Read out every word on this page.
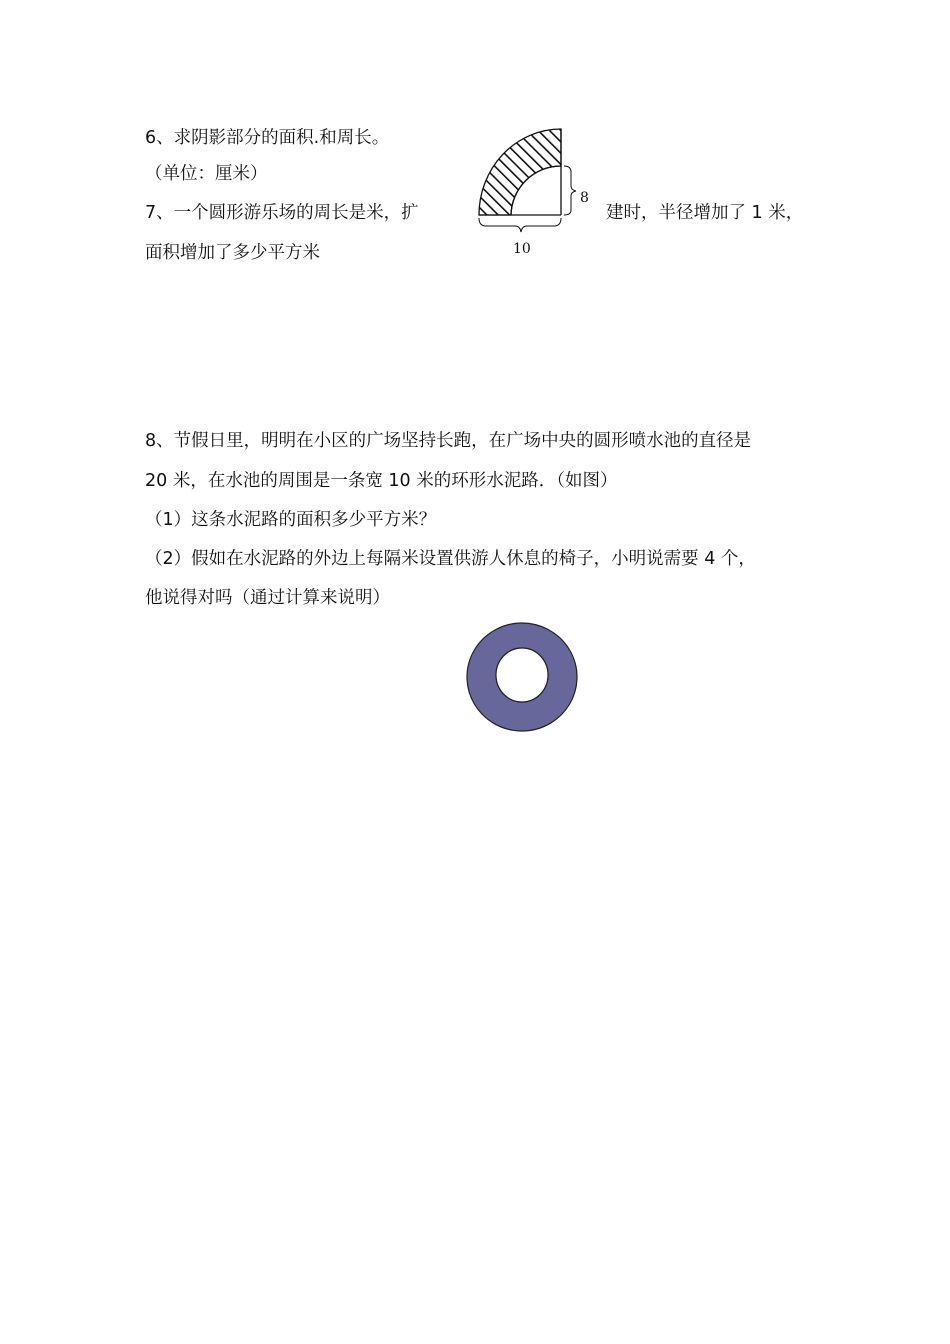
6、求阴影部分的面积.和周长。
（单位：厘米）
7、一个圆形游乐场的周长是米，扩	建时，半径增加了 1 米，
面积增加了多少平方米
8
10
8、节假日里，明明在小区的广场坚持长跑，在广场中央的圆形喷水池的直径是
20 米，在水池的周围是一条宽 10 米的环形水泥路．（如图）
（1）这条水泥路的面积多少平方米？
（2）假如在水泥路的外边上每隔米设置供游人休息的椅子，小明说需要 4 个，
他说得对吗（通过计算来说明）
